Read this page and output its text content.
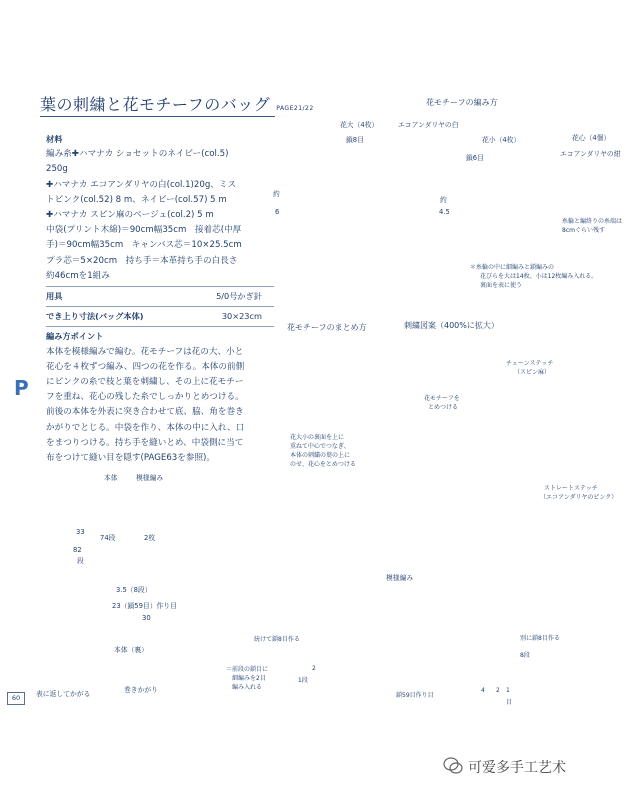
葉の刺繍と花モチーフのバッグ PAGE21/22

材料

編み糸✚ハマナカ ショセットのネイビー(col.5)

250g

✚ハマナカ エコアンダリヤの白(col.1)20g、ミス

トピンク(col.52) 8 m、ネイビー(col.57) 5 m

✚ハマナカ スピン麻のベージュ(col.2) 5 m

中袋(プリント木綿)＝90cm幅35cm　接着芯(中厚

手)＝90cm幅35cm　キャンバス芯＝10×25.5cm

プラ芯＝5×20cm　持ち手＝本革持ち手の白長さ

約46cmを1組み

用具	5/0号かぎ針
でき上り寸法(バッグ本体)	30×23cm

編み方ポイント

本体を模様編みで編む。花モチーフは花の大、小と

花心を４枚ずつ編み、四つの花を作る。本体の前側

にピンクの糸で枝と葉を刺繍し、その上に花モチー

フを重ね、花心の残した糸でしっかりとめつける。

前後の本体を外表に突き合わせて底、脇、角を巻き

かがりでとじる。中袋を作り、本体の中に入れ、口

をまつりつける。持ち手を縫いとめ、中袋側に当て

布をつけて縫い目を隠す(PAGE63を参照)。

P
花モチーフの編み方
花大（4枚）	エコアンダリヤの白
鎖8目
約
6
花小（4枚）
鎖6目
約
4.5
花心（4個）
エコアンダリヤの紺
糸輪と編終りの糸端は
8cmぐらい残す
＊糸輪の中に細編みと鎖編みの
花びらを大は14枚、小は12枚編み入れる。
裏面を表に使う
花モチーフのまとめ方
花大小の裏面を上に
重ねて中心でつなぎ、
本体の刺繍の葉の上に
のせ、花心をとめつける
刺繍図案（400%に拡大）
チェーンステッチ
（スピン麻）
花モチーフを
とめつける
ストレートステッチ
（エコアンダリヤのピンク）
本体	模様編み
74段	2枚
33
82
段
3.5（8段）
23（鎖59目）作り目
30
本体（裏）
表に返してかがる	巻きかがり
模様編み
続けて鎖8目作る	別に鎖8目作る
8段
＝前段の鎖目に
細編みを2目
編み入れる
2
1段
鎖59目作り目
4 2 1
目
60
可爱多手工艺术
